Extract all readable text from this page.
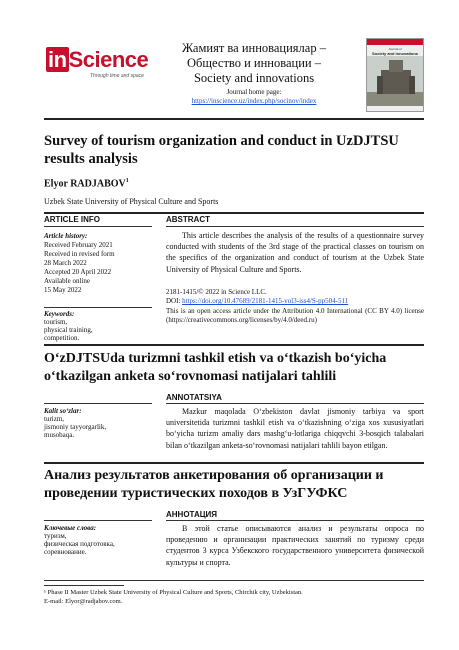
inScience
Through time and space
Жамият ва инновациялар –
Общество и инновации –
Society and innovations
Journal home page:
https://inscience.uz/index.php/socinov/index
Journal of
Society and innovations
Survey of tourism organization and conduct in UzDJTSU results analysis
Elyor RADJABOV$^1$
Uzbek State University of Physical Culture and Sports
ARTICLE INFO	ABSTRACT
Article history:
Received February 2021
Received in revised form
28 March 2022
Accepted 20 April 2022
Available online
15 May 2022
Keywords:
tourism,
physical training,
competition.
This article describes the analysis of the results of a questionnaire survey conducted with students of the 3rd stage of the practical classes on tourism on the specifics of the organization and conduct of tourism at the Uzbek State University of Physical Culture and Sports.
2181-1415/© 2022 in Science LLC.
DOI: https://doi.org/10.47689/2181-1415-vol3-iss4/S-pp504-511
This is an open access article under the Attribution 4.0 International (CC BY 4.0) license (https://creativecommons.org/licenses/by/4.0/deed.ru)
O‘zDJTSUda turizmni tashkil etish va o‘tkazish bo‘yicha o‘tkazilgan anketa so‘rovnomasi natijalari tahlili
ANNOTATSIYA
Kalit so‘zlar:
turizm,
jismoniy tayyorgarlik,
musobaqa.
Mazkur maqolada O‘zbekiston davlat jismoniy tarbiya va sport universitetida turizmni tashkil etish va o‘tkazishning o‘ziga xos xususiyatlari bo‘yicha turizm amaliy dars mashg‘u-lotlariga chiqqvchi 3-bosqich talabalari bilan o‘tkazilgan anketa-so‘rovnomasi natijalari tahlili bayon etilgan.
Анализ результатов анкетирования об организации и проведении туристических походов в УзГУФКС
АННОТАЦИЯ
Ключевые слова:
туризм,
физическая подготовка,
соревнование.
В этой статье описываются анализ и результаты опроса по проведению и организации практических занятий по туризму среди студентов 3 курса Узбекского государственного университета физической культуры и спорта.
¹ Phase II Master Uzbek State University of Physical Culture and Sports, Chirchik city, Uzbekistan.
E-mail: Elyor@radjabov.com.
